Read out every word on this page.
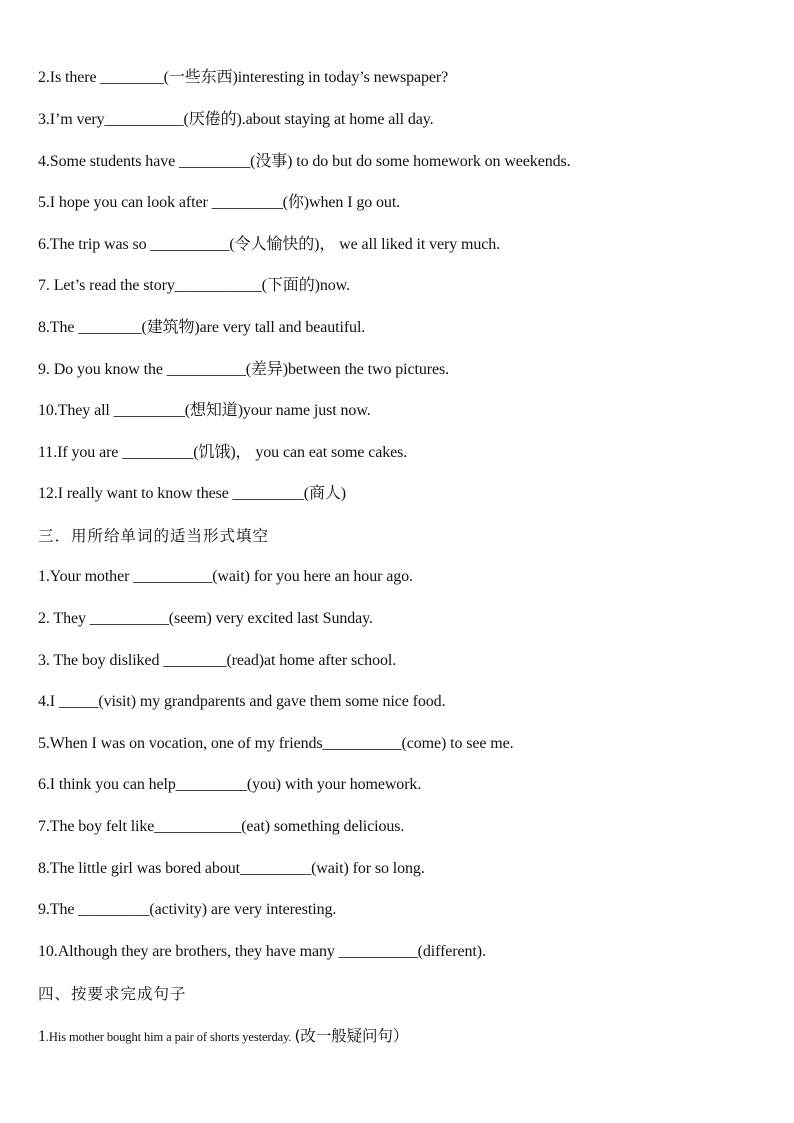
2.Is there ________(一些东西)interesting in today’s newspaper?
3.I’m very__________(厌倦的).about staying at home all day.
4.Some students have _________(没事) to do but do some homework on weekends.
5.I hope you can look after _________(你)when I go out.
6.The trip was so __________(令人愉快的)， we all liked it very much.
7. Let’s read the story___________(下面的)now.
8.The ________(建筑物)are very tall and beautiful.
9. Do you know the __________(差异)between the two pictures.
10.They all _________(想知道)your name just now.
11.If you are _________(饥饿)， you can eat some cakes.
12.I really want to know these _________(商人)
三．用所给单词的适当形式填空
1.Your mother __________(wait) for you here an hour ago.
2. They __________(seem) very excited last Sunday.
3. The boy disliked ________(read)at home after school.
4.I _____(visit) my grandparents and gave them some nice food.
5.When I was on vocation, one of my friends__________(come) to see me.
6.I think you can help_________(you) with your homework.
7.The boy felt like___________(eat) something delicious.
8.The little girl was bored about_________(wait) for so long.
9.The _________(activity) are very interesting.
10.Although they are brothers, they have many __________(different).
四、按要求完成句子
1.His mother bought him a pair of shorts yesterday. (改一般疑问句）
